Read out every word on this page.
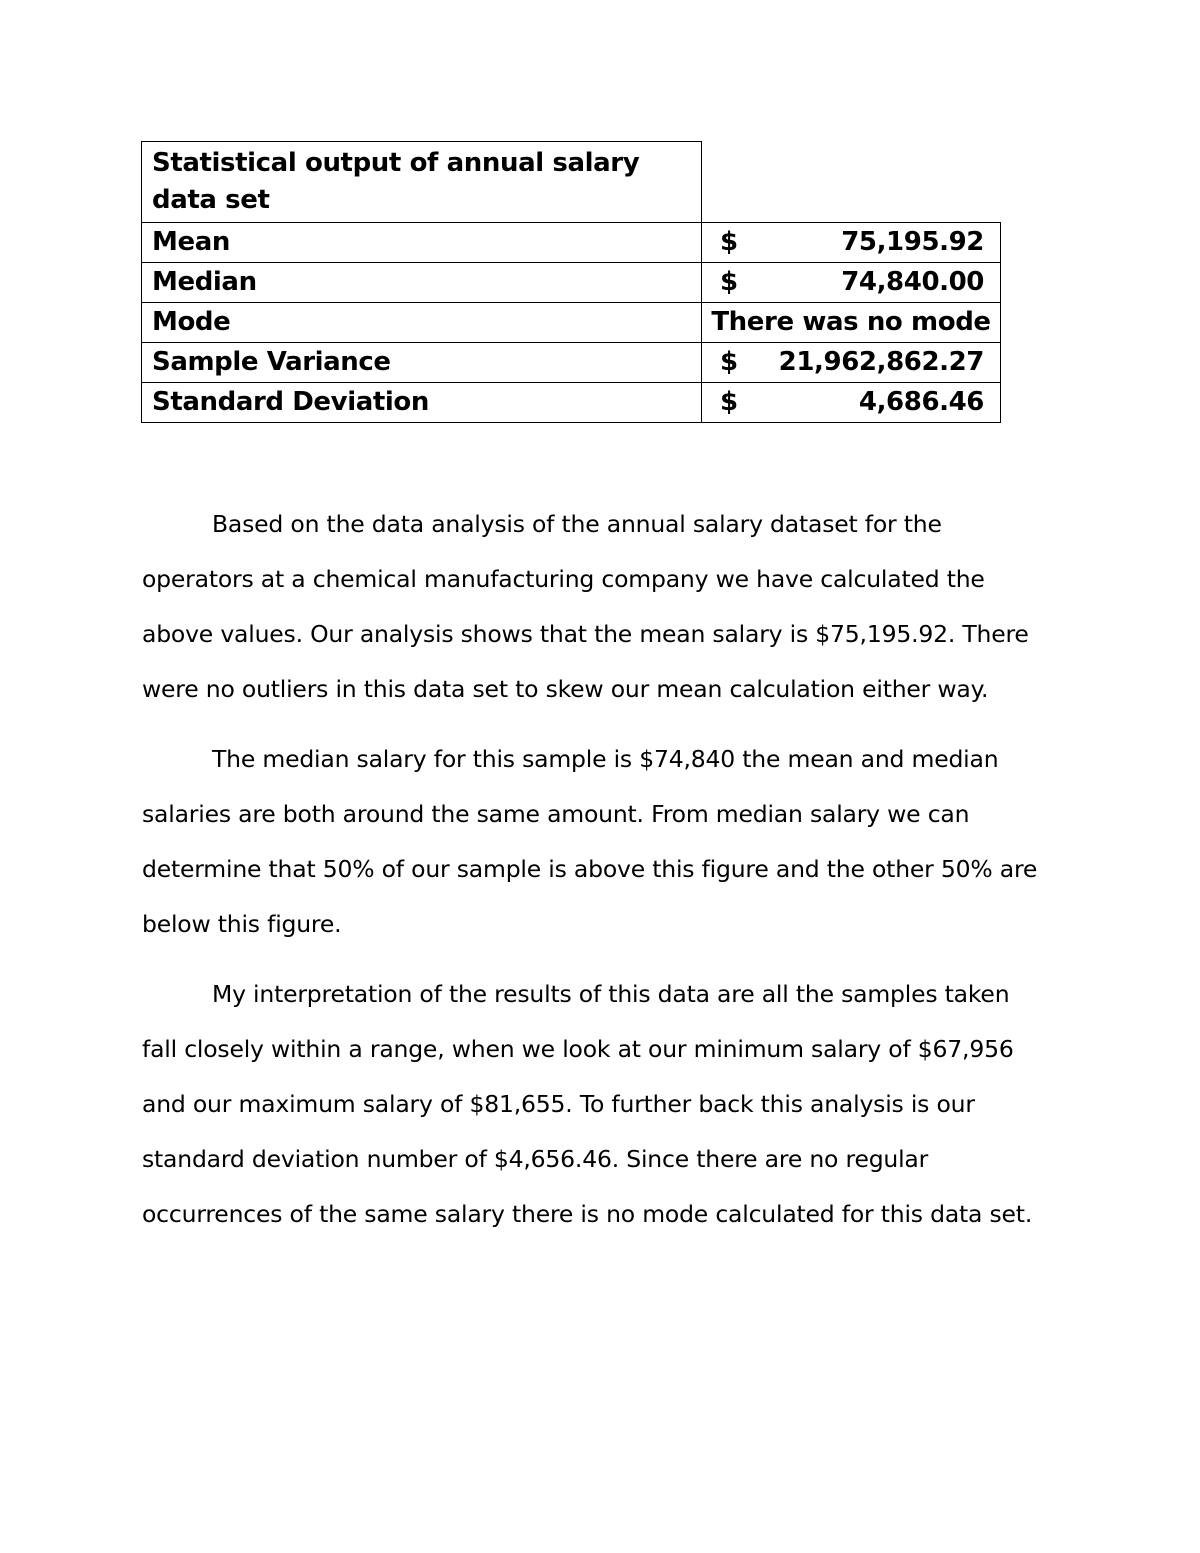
Statistical output of annual salary data set	
Mean	$ 75,195.92

Median	$ 74,840.00

Mode	There was no mode
Sample Variance	$ 21,962,862.27

Standard Deviation	$ 4,686.46

Based on the data analysis of the annual salary dataset for the
operators at a chemical manufacturing company we have calculated the
above values. Our analysis shows that the mean salary is $75,195.92. There
were no outliers in this data set to skew our mean calculation either way.

The median salary for this sample is $74,840 the mean and median
salaries are both around the same amount. From median salary we can
determine that 50% of our sample is above this figure and the other 50% are
below this figure.

My interpretation of the results of this data are all the samples taken
fall closely within a range, when we look at our minimum salary of $67,956
and our maximum salary of $81,655. To further back this analysis is our
standard deviation number of $4,656.46. Since there are no regular
occurrences of the same salary there is no mode calculated for this data set.
